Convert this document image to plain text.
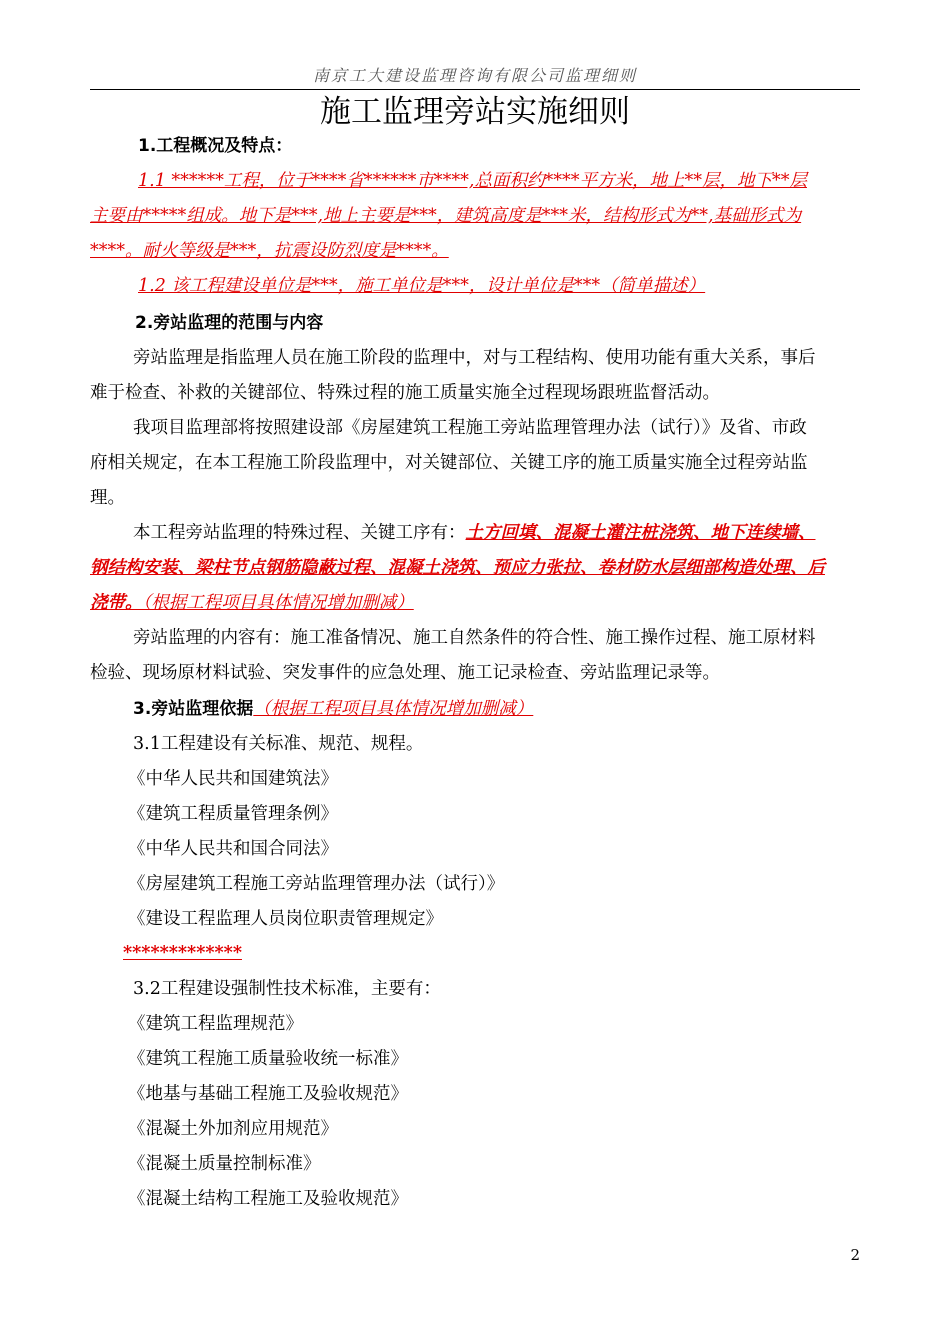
南京工大建设监理咨询有限公司监理细则
施工监理旁站实施细则
1.工程概况及特点：
1.1 ******工程，位于****省******市****,总面积约****平方米，地上**层，地下**层
主要由*****组成。地下是***,地上主要是***，建筑高度是***米，结构形式为**,基础形式为
****。耐火等级是***，抗震设防烈度是****。
1.2 该工程建设单位是***，施工单位是***，设计单位是***（简单描述）
2.旁站监理的范围与内容
旁站监理是指监理人员在施工阶段的监理中，对与工程结构、使用功能有重大关系，事后
难于检查、补救的关键部位、特殊过程的施工质量实施全过程现场跟班监督活动。
我项目监理部将按照建设部《房屋建筑工程施工旁站监理管理办法（试行）》及省、市政
府相关规定，在本工程施工阶段监理中，对关键部位、关键工序的施工质量实施全过程旁站监
理。
本工程旁站监理的特殊过程、关键工序有：土方回填、混凝土灌注桩浇筑、地下连续墙、
钢结构安装、梁柱节点钢筋隐蔽过程、混凝土浇筑、预应力张拉、卷材防水层细部构造处理、后
浇带。（根据工程项目具体情况增加删减）
旁站监理的内容有：施工准备情况、施工自然条件的符合性、施工操作过程、施工原材料
检验、现场原材料试验、突发事件的应急处理、施工记录检查、旁站监理记录等。
3.旁站监理依据（根据工程项目具体情况增加删减）
3.1工程建设有关标准、规范、规程。
《中华人民共和国建筑法》
《建筑工程质量管理条例》
《中华人民共和国合同法》
《房屋建筑工程施工旁站监理管理办法（试行）》
《建设工程监理人员岗位职责管理规定》
*************
3.2工程建设强制性技术标准，主要有：
《建筑工程监理规范》
《建筑工程施工质量验收统一标准》
《地基与基础工程施工及验收规范》
《混凝土外加剂应用规范》
《混凝土质量控制标准》
《混凝土结构工程施工及验收规范》
2
